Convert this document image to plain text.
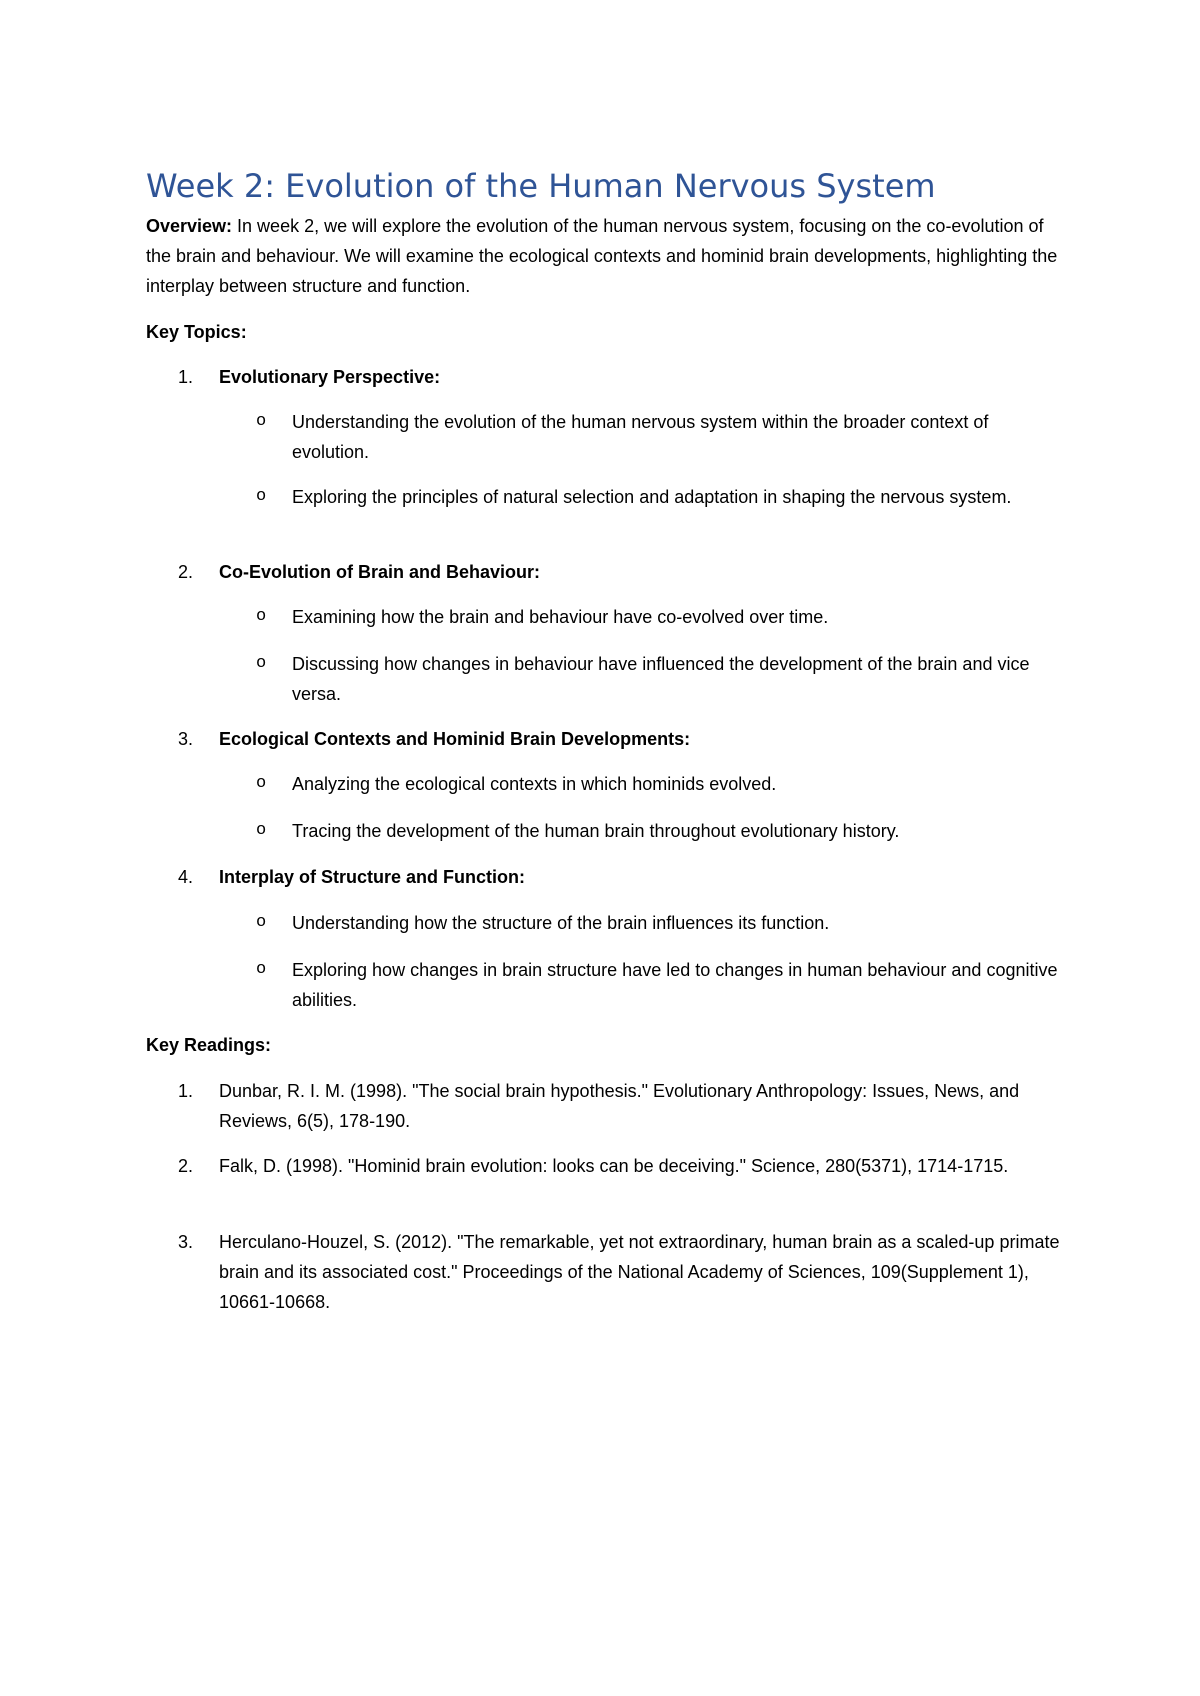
Week 2: Evolution of the Human Nervous System

Overview: In week 2, we will explore the evolution of the human nervous system, focusing on the co-evolution of the brain and behaviour. We will examine the ecological contexts and hominid brain developments, highlighting the interplay between structure and function.

Key Topics:

1. Evolutionary Perspective:

o Understanding the evolution of the human nervous system within the broader context of evolution.
o Exploring the principles of natural selection and adaptation in shaping the nervous system.

2. Co-Evolution of Brain and Behaviour:

o Examining how the brain and behaviour have co-evolved over time.
o Discussing how changes in behaviour have influenced the development of the brain and vice versa.

3. Ecological Contexts and Hominid Brain Developments:

o Analyzing the ecological contexts in which hominids evolved.
o Tracing the development of the human brain throughout evolutionary history.

4. Interplay of Structure and Function:

o Understanding how the structure of the brain influences its function.
o Exploring how changes in brain structure have led to changes in human behaviour and cognitive abilities.

Key Readings:

1. Dunbar, R. I. M. (1998). "The social brain hypothesis." Evolutionary Anthropology: Issues, News, and Reviews, 6(5), 178-190.
2. Falk, D. (1998). "Hominid brain evolution: looks can be deceiving." Science, 280(5371), 1714-1715.
3. Herculano-Houzel, S. (2012). "The remarkable, yet not extraordinary, human brain as a scaled-up primate brain and its associated cost." Proceedings of the National Academy of Sciences, 109(Supplement 1), 10661-10668.
